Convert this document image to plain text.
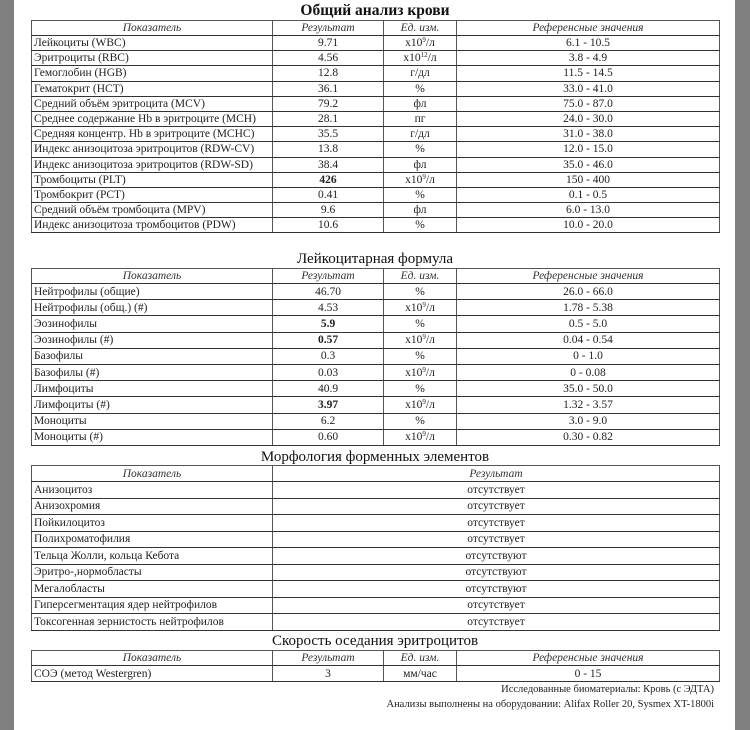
Общий анализ крови
Показатель	Результат	Ед. изм.	Референсные значения
Лейкоциты (WBC)	9.71	$x10^9/л$	6.1 - 10.5
Эритроциты (RBC)	4.56	$x10^{12}/л$	3.8 - 4.9
Гемоглобин (HGB)	12.8	г/дл	11.5 - 14.5
Гематокрит (HCT)	36.1	%	33.0 - 41.0
Средний объём эритроцита (MCV)	79.2	фл	75.0 - 87.0
Среднее содержание Hb в эритроците (MCH)	28.1	пг	24.0 - 30.0
Средняя концентр. Hb в эритроците (MCHC)	35.5	г/дл	31.0 - 38.0
Индекс анизоцитоза эритроцитов (RDW-CV)	13.8	%	12.0 - 15.0
Индекс анизоцитоза эритроцитов (RDW-SD)	38.4	фл	35.0 - 46.0
Тромбоциты (PLT)	426	$x10^9/л$	150 - 400
Тромбокрит (PCT)	0.41	%	0.1 - 0.5
Средний объём тромбоцита (MPV)	9.6	фл	6.0 - 13.0
Индекс анизоцитоза тромбоцитов (PDW)	10.6	%	10.0 - 20.0
Лейкоцитарная формула
Показатель	Результат	Ед. изм.	Референсные значения
Нейтрофилы (общие)	46.70	%	26.0 - 66.0
Нейтрофилы (общ.) (#)	4.53	$x10^9/л$	1.78 - 5.38
Эозинофилы	5.9	%	0.5 - 5.0
Эозинофилы (#)	0.57	$x10^9/л$	0.04 - 0.54
Базофилы	0.3	%	0 - 1.0
Базофилы (#)	0.03	$x10^9/л$	0 - 0.08
Лимфоциты	40.9	%	35.0 - 50.0
Лимфоциты (#)	3.97	$x10^9/л$	1.32 - 3.57
Моноциты	6.2	%	3.0 - 9.0
Моноциты (#)	0.60	$x10^9/л$	0.30 - 0.82
Морфология форменных элементов
Показатель	Результат
Анизоцитоз	отсутствует
Анизохромия	отсутствует
Пойкилоцитоз	отсутствует
Полихроматофилия	отсутствует
Тельца Жолли, кольца Кебота	отсутствуют
Эритро-,нормобласты	отсутствуют
Мегалобласты	отсутствуют
Гиперсегментация ядер нейтрофилов	отсутствует
Токсогенная зернистость нейтрофилов	отсутствует
Скорость оседания эритроцитов
Показатель	Результат	Ед. изм.	Референсные значения
СОЭ (метод Westergren)	3	мм/час	0 - 15
Исследованные биоматериалы: Кровь (с ЭДТА)
Анализы выполнены на оборудовании: Alifax Roller 20, Sysmex XT-1800i
